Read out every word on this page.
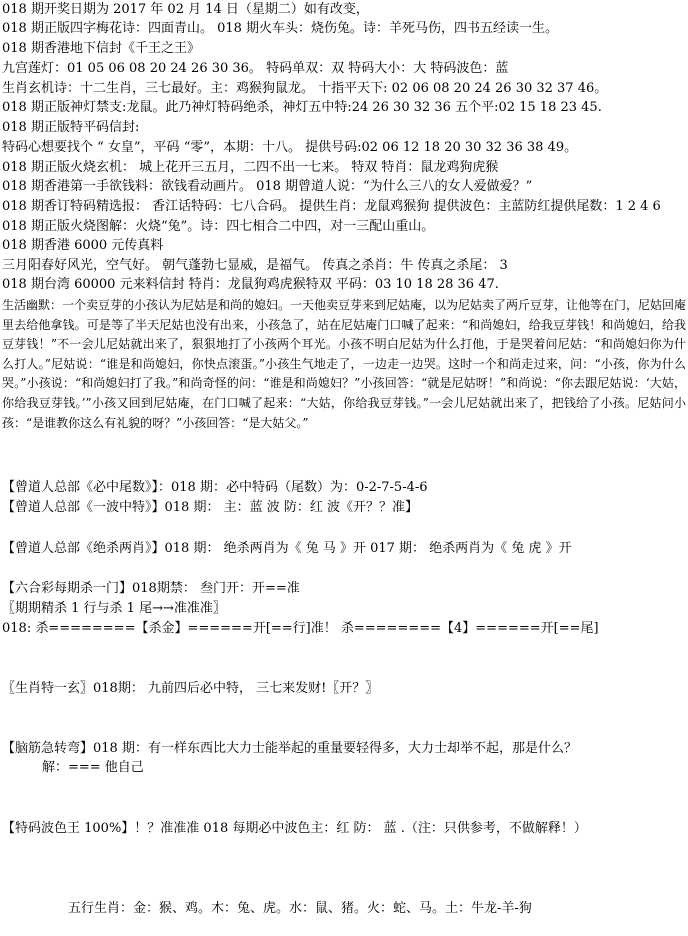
018 期开奖日期为 2017 年 02 月 14 日（星期二）如有改变，
018 期正版四字梅花诗：四面青山。 018 期火车头：烧伤兔。诗：羊死马伤，四书五经读一生。
018 期香港地下信封《千王之王》
九宫莲灯：01 05 06 08 20 24 26 30 36。 特码单双：双 特码大小：大 特码波色：蓝
生肖玄机诗：十二生肖，三七最好。主：鸡猴狗鼠龙。 十指平天下: 02 06 08 20 24 26 30 32 37 46。
018 期正版神灯禁支:龙鼠。此乃神灯特码绝杀，神灯五中特:24 26 30 32 36 五个平:02 15 18 23 45.
018 期正版特平码信封:
特码心想要找个 “ 女皇”，平码 “零”，本期：十八。 提供号码:02 06 12 18 20 30 32 36 38 49。
018 期正版火烧玄机： 城上花开三五月，二四不出一七来。 特双 特肖：鼠龙鸡狗虎猴
018 期香港第一手欲钱料：欲钱看动画片。 018 期曾道人说：“为什么三八的女人爱做爱？”
018 期香订特码精选报： 香江话特码：七八合码。 提供生肖：龙鼠鸡猴狗 提供波色：主蓝防红提供尾数：1 2 4 6
018 期正版火烧图解：火烧“兔”。诗：四七相合二中四，对一三配山重山。
018 期香港 6000 元传真料
三月阳春好风光，空气好。 朝气蓬勃七显威，是福气。 传真之杀肖：牛 传真之杀尾： 3
018 期台湾 60000 元来料信封 特肖：龙鼠狗鸡虎猴特双 平码：03 10 18 28 36 47.
生活幽默：一个卖豆芽的小孩认为尼姑是和尚的媳妇。一天他卖豆芽来到尼姑庵，以为尼姑卖了两斤豆芽，让他等在门，尼姑回庵里去给他拿钱。可是等了半天尼姑也没有出来，小孩急了，站在尼姑庵门口喊了起来：“和尚媳妇，给我豆芽钱！和尚媳妇，给我豆芽钱！”不一会儿尼姑就出来了，狠狠地打了小孩两个耳光。小孩不明白尼姑为什么打他，于是哭着问尼姑：“和尚媳妇你为什么打人。”尼姑说：“谁是和尚媳妇，你快点滚蛋。”小孩生气地走了，一边走一边哭。这时一个和尚走过来，问：“小孩，你为什么哭。”小孩说：“和尚媳妇打了我。”和尚奇怪的问：“谁是和尚媳妇？”小孩回答：“就是尼姑呀！”和尚说：“你去跟尼姑说：‘大姑，你给我豆芽钱。’”小孩又回到尼姑庵，在门口喊了起来：“大姑，你给我豆芽钱。”一会儿尼姑就出来了，把钱给了小孩。尼姑问小孩：“是谁教你这么有礼貌的呀？”小孩回答：“是大姑父。”
【曾道人总部《必中尾数》】：018 期：必中特码（尾数）为：0-2-7-5-4-6
【曾道人总部《一波中特》】018 期： 主：蓝 波 防：红 波《开？？准】
【曾道人总部《绝杀两肖》】018 期： 绝杀两肖为《 兔 马 》开 017 期： 绝杀两肖为《 兔 虎 》开
【六合彩每期杀一门】018期禁： 叁门开：开==准
〖期期精杀 1 行与杀 1 尾→→准准准〗
018: 杀========【杀金】======开[==行]准！ 杀========【4】======开[==尾]
〖生肖特一玄〗018期： 九前四后必中特， 三七来发财!〖开？〗
【脑筋急转弯】018 期：有一样东西比大力士能举起的重量要轻得多，大力士却举不起，那是什么？
解：=== 他自己
【特码波色王 100%】！？准准准 018 每期必中波色主：红 防： 蓝 .（注：只供参考，不做解释！）
五行生肖：金：猴、鸡。木：兔、虎。水：鼠、猪。火：蛇、马。土：牛龙-羊-狗
